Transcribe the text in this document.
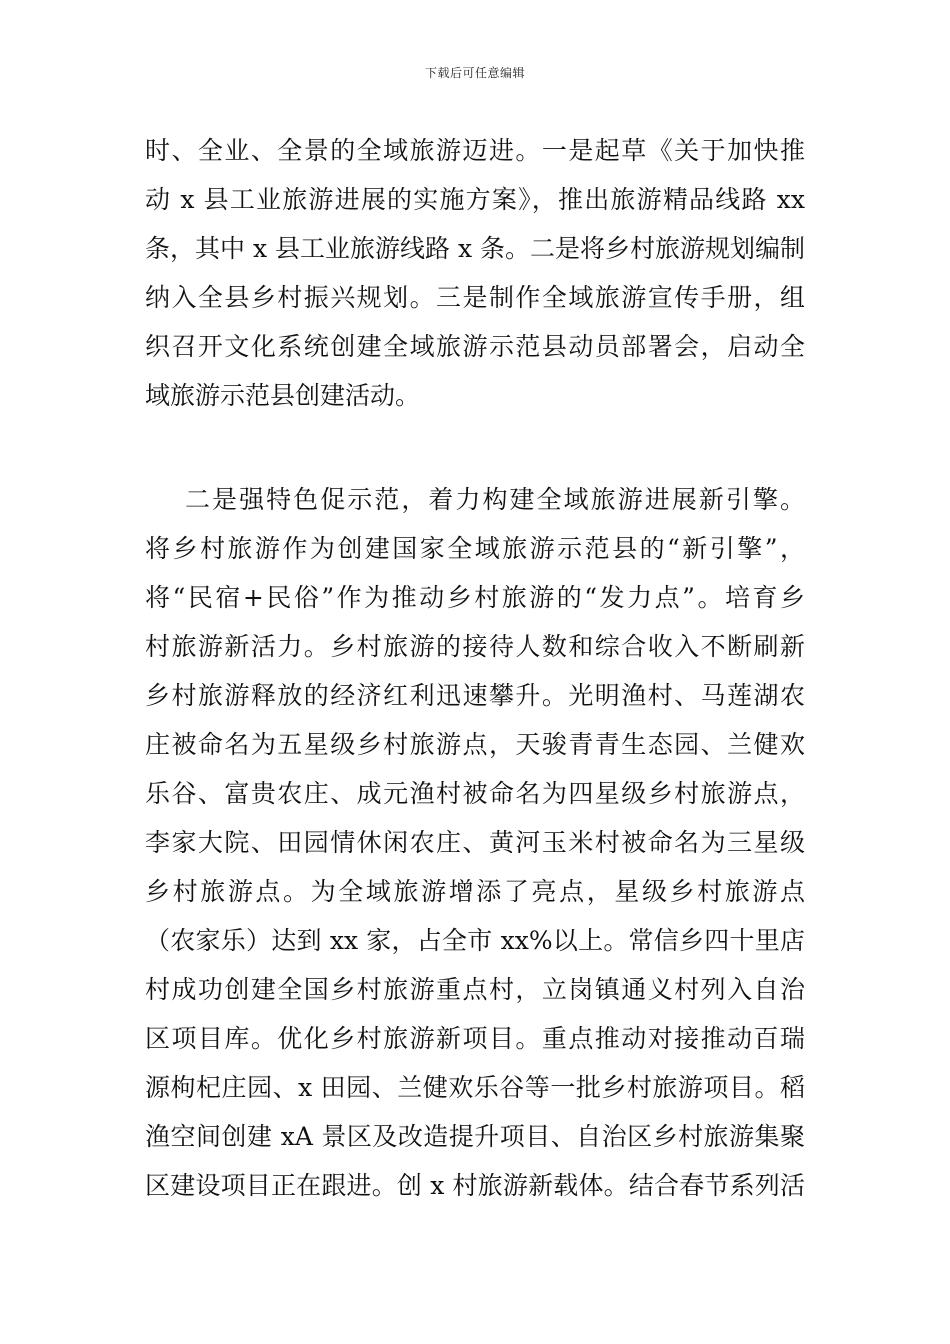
下载后可任意编辑
时、全业、全景的全域旅游迈进。一是起草《关于加快推
动 x 县工业旅游进展的实施方案》，推出旅游精品线路 xx
条，其中 x 县工业旅游线路 x 条。二是将乡村旅游规划编制
纳入全县乡村振兴规划。三是制作全域旅游宣传手册，组
织召开文化系统创建全域旅游示范县动员部署会，启动全
域旅游示范县创建活动。
二是强特色促示范，着力构建全域旅游进展新引擎。
将乡村旅游作为创建国家全域旅游示范县的“新引擎”，
将“民宿+民俗”作为推动乡村旅游的“发力点”。培育乡
村旅游新活力。乡村旅游的接待人数和综合收入不断刷新
乡村旅游释放的经济红利迅速攀升。光明渔村、马莲湖农
庄被命名为五星级乡村旅游点，天骏青青生态园、兰健欢
乐谷、富贵农庄、成元渔村被命名为四星级乡村旅游点，
李家大院、田园情休闲农庄、黄河玉米村被命名为三星级
乡村旅游点。为全域旅游增添了亮点，星级乡村旅游点
（农家乐）达到 xx 家，占全市 xx%以上。常信乡四十里店
村成功创建全国乡村旅游重点村，立岗镇通义村列入自治
区项目库。优化乡村旅游新项目。重点推动对接推动百瑞
源枸杞庄园、x 田园、兰健欢乐谷等一批乡村旅游项目。稻
渔空间创建 xA 景区及改造提升项目、自治区乡村旅游集聚
区建设项目正在跟进。创 x 村旅游新载体。结合春节系列活
